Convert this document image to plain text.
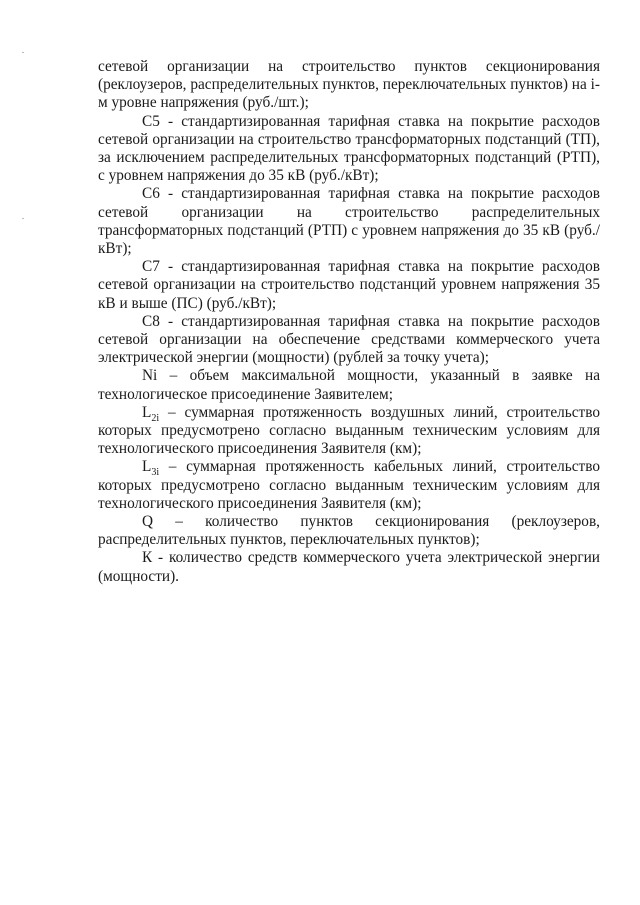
сетевой организации на строительство пунктов секционирования (реклоузеров, распределительных пунктов, переключательных пунктов) на i-м уровне напряжения (руб./шт.);

С5 - стандартизированная тарифная ставка на покрытие расходов сетевой организации на строительство трансформаторных подстанций (ТП), за исключением распределительных трансформаторных подстанций (РТП), с уровнем напряжения до 35 кВ (руб./кВт);

С6 - стандартизированная тарифная ставка на покрытие расходов сетевой организации на строительство распределительных трансформаторных подстанций (РТП) с уровнем напряжения до 35 кВ (руб./кВт);

С7 - стандартизированная тарифная ставка на покрытие расходов сетевой организации на строительство подстанций уровнем напряжения 35 кВ и выше (ПС) (руб./кВт);

С8 - стандартизированная тарифная ставка на покрытие расходов сетевой организации на обеспечение средствами коммерческого учета электрической энергии (мощности) (рублей за точку учета);

Ni – объем максимальной мощности, указанный в заявке на технологическое присоединение Заявителем;

$L_{2i}$ – суммарная протяженность воздушных линий, строительство которых предусмотрено согласно выданным техническим условиям для технологического присоединения Заявителя (км);

$L_{3i}$ – суммарная протяженность кабельных линий, строительство которых предусмотрено согласно выданным техническим условиям для технологического присоединения Заявителя (км);

Q – количество пунктов секционирования (реклоузеров, распределительных пунктов, переключательных пунктов);

К - количество средств коммерческого учета электрической энергии (мощности).
